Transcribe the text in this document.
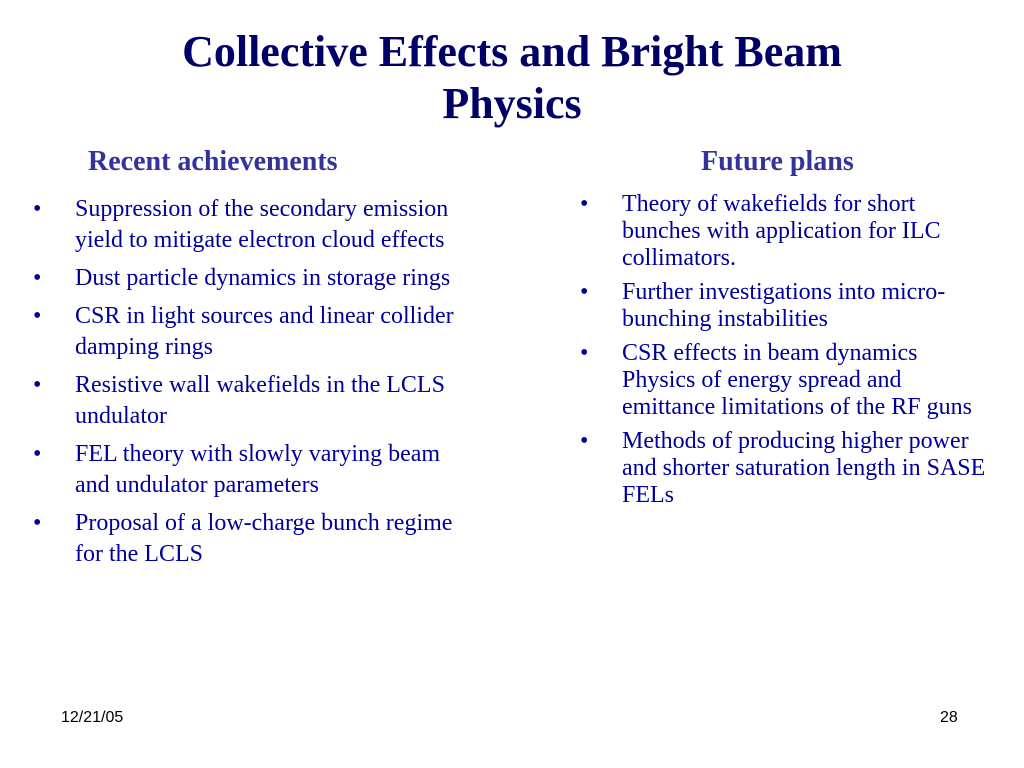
Collective Effects and Bright Beam
Physics
Recent achievements	Future plans
• Suppression of the secondary emission yield to mitigate electron cloud effects
• Dust particle dynamics in storage rings
• CSR in light sources and linear collider damping rings
• Resistive wall wakefields in the LCLS undulator
• FEL theory with slowly varying beam and undulator parameters
• Proposal of a low-charge bunch regime for the LCLS
• Theory of wakefields for short bunches with application for ILC collimators.
• Further investigations into micro-bunching instabilities
• CSR effects in beam dynamics Physics of energy spread and emittance limitations of the RF guns
• Methods of producing higher power and shorter saturation length in SASE FELs
12/21/05	28
